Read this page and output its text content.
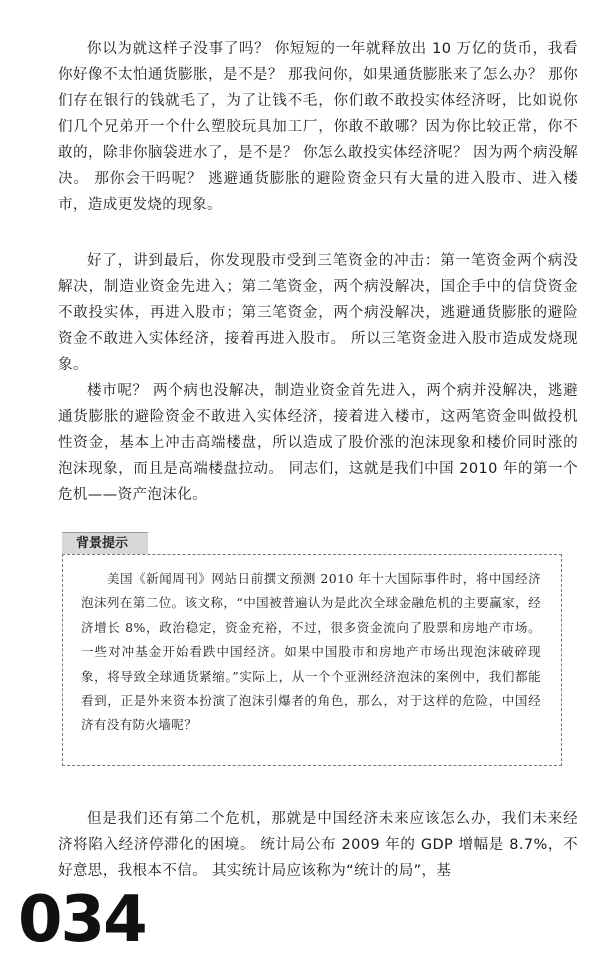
你以为就这样子没事了吗？ 你短短的一年就释放出 10 万亿的货币，我看你好像不太怕通货膨胀，是不是？ 那我问你，如果通货膨胀来了怎么办？ 那你们存在银行的钱就毛了，为了让钱不毛，你们敢不敢投实体经济呀，比如说你们几个兄弟开一个什么塑胶玩具加工厂，你敢不敢哪？因为你比较正常，你不敢的，除非你脑袋进水了，是不是？ 你怎么敢投实体经济呢？ 因为两个病没解决。 那你会干吗呢？ 逃避通货膨胀的避险资金只有大量的进入股市、进入楼市，造成更发烧的现象。

好了，讲到最后，你发现股市受到三笔资金的冲击：第一笔资金两个病没解决，制造业资金先进入；第二笔资金，两个病没解决，国企手中的信贷资金不敢投实体，再进入股市；第三笔资金，两个病没解决，逃避通货膨胀的避险资金不敢进入实体经济，接着再进入股市。 所以三笔资金进入股市造成发烧现象。

楼市呢？ 两个病也没解决，制造业资金首先进入，两个病并没解决，逃避通货膨胀的避险资金不敢进入实体经济，接着进入楼市，这两笔资金叫做投机性资金，基本上冲击高端楼盘，所以造成了股价涨的泡沫现象和楼价同时涨的泡沫现象，而且是高端楼盘拉动。 同志们，这就是我们中国 2010 年的第一个危机——资产泡沫化。

背景提示

美国《新闻周刊》网站日前撰文预测 2010 年十大国际事件时，将中国经济泡沫列在第二位。该文称，“中国被普遍认为是此次全球金融危机的主要赢家，经济增长 8%，政治稳定，资金充裕，不过，很多资金流向了股票和房地产市场。一些对冲基金开始看跌中国经济。如果中国股市和房地产市场出现泡沫破碎现象，将导致全球通货紧缩。”实际上，从一个个亚洲经济泡沫的案例中，我们都能看到，正是外来资本扮演了泡沫引爆者的角色，那么，对于这样的危险，中国经济有没有防火墙呢？

但是我们还有第二个危机，那就是中国经济未来应该怎么办，我们未来经济将陷入经济停滞化的困境。 统计局公布 2009 年的 GDP 增幅是 8.7%，不好意思，我根本不信。 其实统计局应该称为“统计的局”，基

034
